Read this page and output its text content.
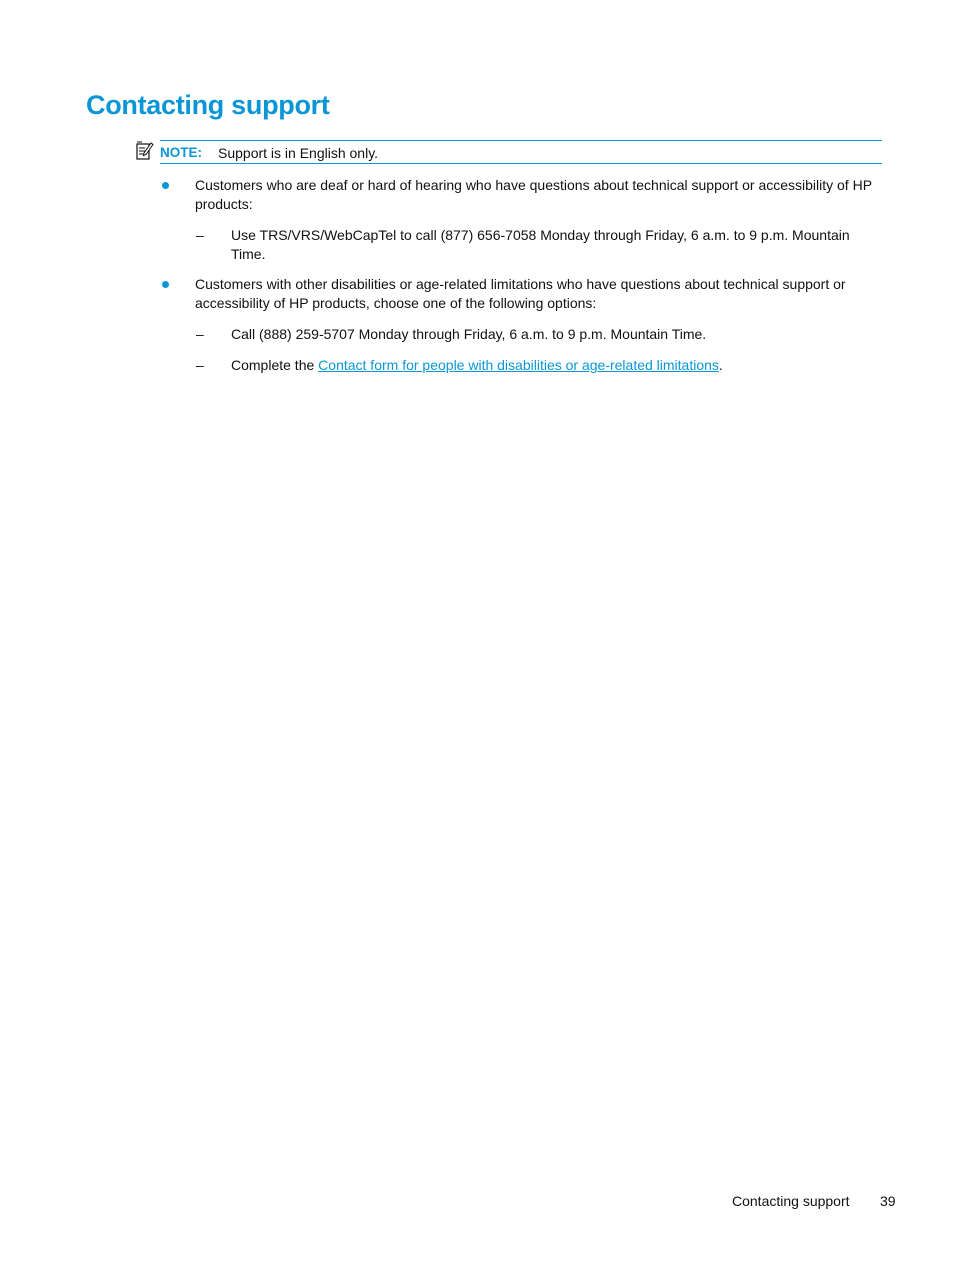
Contacting support
NOTE: Support is in English only.

Customers who are deaf or hard of hearing who have questions about technical support or accessibility of HP products:

– Use TRS/VRS/WebCapTel to call (877) 656-7058 Monday through Friday, 6 a.m. to 9 p.m. Mountain Time.

Customers with other disabilities or age-related limitations who have questions about technical support or accessibility of HP products, choose one of the following options:

– Call (888) 259-5707 Monday through Friday, 6 a.m. to 9 p.m. Mountain Time.

– Complete the Contact form for people with disabilities or age-related limitations.

Contacting support 39
